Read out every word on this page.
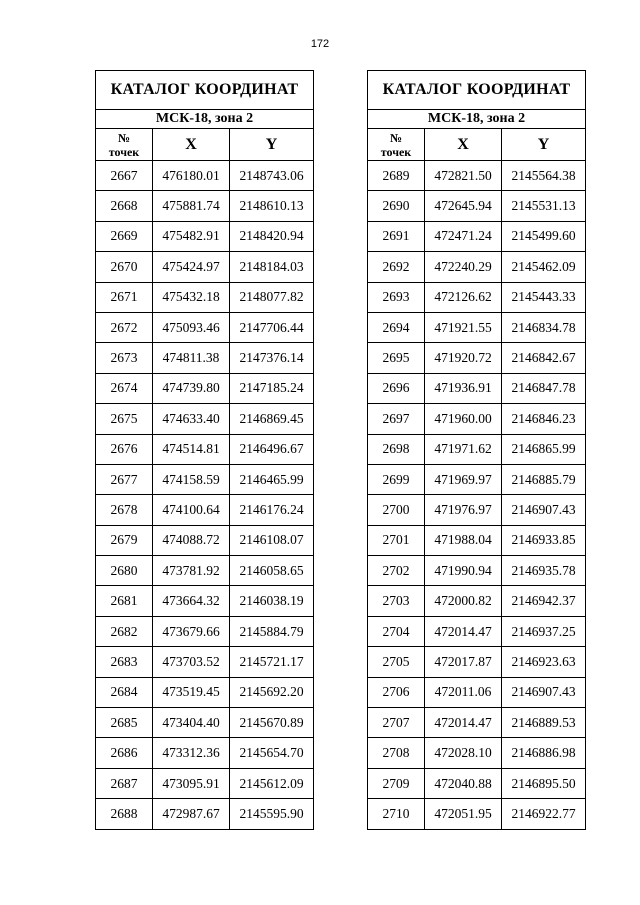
172
КАТАЛОГ КООРДИНАТ		
МСК-18, зона 2		

№
точек	X	Y
2667	476180.01	2148743.06
2668	475881.74	2148610.13
2669	475482.91	2148420.94
2670	475424.97	2148184.03
2671	475432.18	2148077.82
2672	475093.46	2147706.44
2673	474811.38	2147376.14
2674	474739.80	2147185.24
2675	474633.40	2146869.45
2676	474514.81	2146496.67
2677	474158.59	2146465.99
2678	474100.64	2146176.24
2679	474088.72	2146108.07
2680	473781.92	2146058.65
2681	473664.32	2146038.19
2682	473679.66	2145884.79
2683	473703.52	2145721.17
2684	473519.45	2145692.20
2685	473404.40	2145670.89
2686	473312.36	2145654.70
2687	473095.91	2145612.09
2688	472987.67	2145595.90
КАТАЛОГ КООРДИНАТ		
МСК-18, зона 2		

№
точек	X	Y
2689	472821.50	2145564.38
2690	472645.94	2145531.13
2691	472471.24	2145499.60
2692	472240.29	2145462.09
2693	472126.62	2145443.33
2694	471921.55	2146834.78
2695	471920.72	2146842.67
2696	471936.91	2146847.78
2697	471960.00	2146846.23
2698	471971.62	2146865.99
2699	471969.97	2146885.79
2700	471976.97	2146907.43
2701	471988.04	2146933.85
2702	471990.94	2146935.78
2703	472000.82	2146942.37
2704	472014.47	2146937.25
2705	472017.87	2146923.63
2706	472011.06	2146907.43
2707	472014.47	2146889.53
2708	472028.10	2146886.98
2709	472040.88	2146895.50
2710	472051.95	2146922.77
